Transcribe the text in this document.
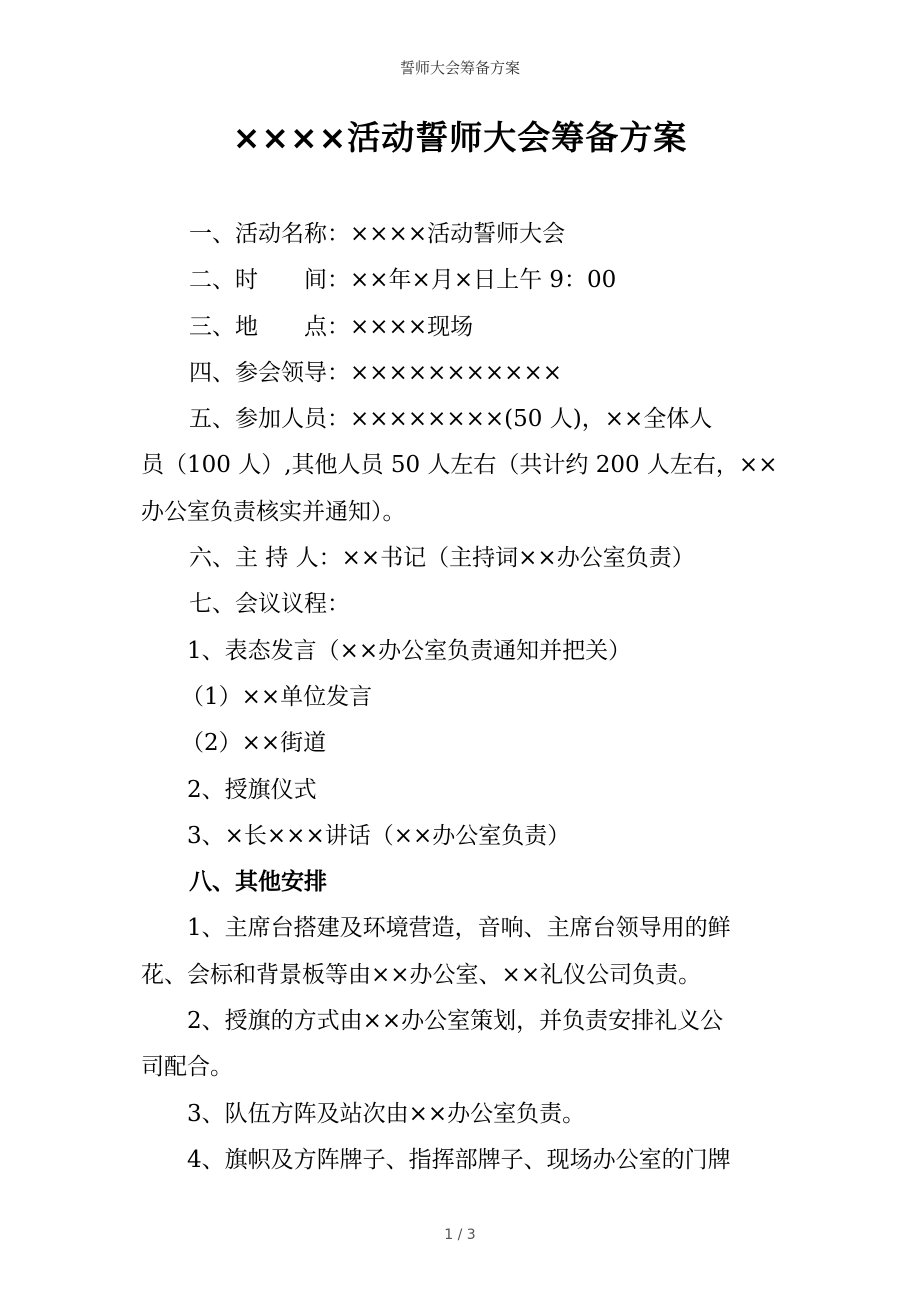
誓师大会筹备方案
××××活动誓师大会筹备方案

一、活动名称：××××活动誓师大会

二、时　　间：××年×月×日上午 9：00

三、地　　点：××××现场

四、参会领导：×××××××××××

五、参加人员：××××××××(50 人)，××全体人

员（100 人）,其他人员 50 人左右（共计约 200 人左右，××

办公室负责核实并通知）。

六、主 持 人：××书记（主持词××办公室负责）

七、会议议程：

1、表态发言（××办公室负责通知并把关）

（1）××单位发言

（2）××街道

2、授旗仪式

3、×长×××讲话（××办公室负责）

八、其他安排

1、主席台搭建及环境营造，音响、主席台领导用的鲜

花、会标和背景板等由××办公室、××礼仪公司负责。

2、授旗的方式由××办公室策划，并负责安排礼义公

司配合。

3、队伍方阵及站次由××办公室负责。

4、旗帜及方阵牌子、指挥部牌子、现场办公室的门牌

1 / 3
